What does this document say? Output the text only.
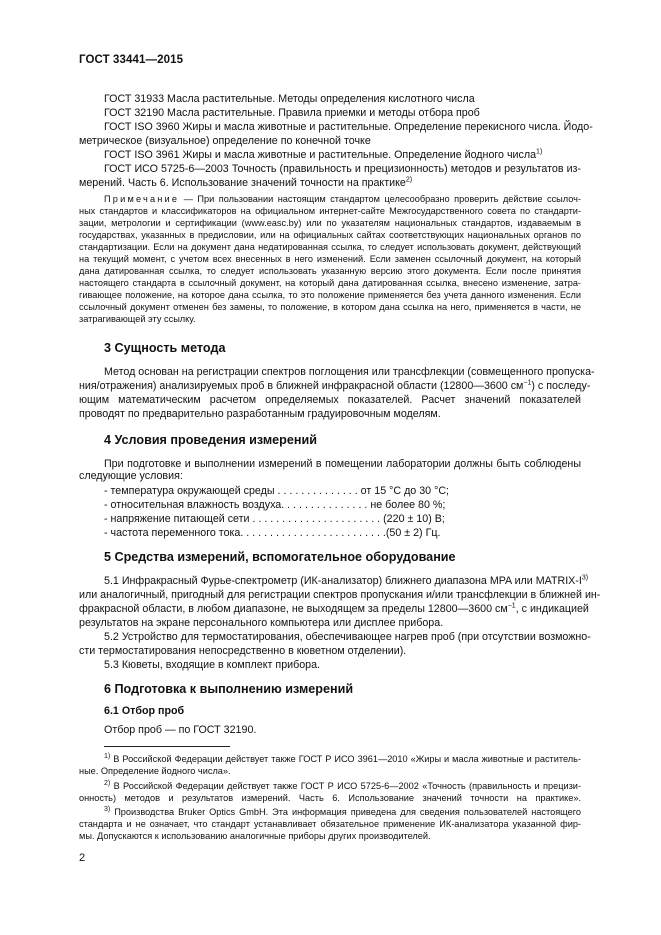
ГОСТ 33441—2015
ГОСТ 31933 Масла растительные. Методы определения кислотного числа
ГОСТ 32190 Масла растительные. Правила приемки и методы отбора проб
ГОСТ ISO 3960 Жиры и масла животные и растительные. Определение перекисного числа. Йодо-
метрическое (визуальное) определение по конечной точке
ГОСТ ISO 3961 Жиры и масла животные и растительные. Определение йодного числа$^{1)}$
ГОСТ ИСО 5725-6—2003 Точность (правильность и прецизионность) методов и результатов из-
мерений. Часть 6. Использование значений точности на практике$^{2)}$
Примечание — При пользовании настоящим стандартом целесообразно проверить действие ссылоч-
ных стандартов и классификаторов на официальном интернет-сайте Межгосударственного совета по стандарти-
зации, метрологии и сертификации (www.easc.by) или по указателям национальных стандартов, издаваемым в
государствах, указанных в предисловии, или на официальных сайтах соответствующих национальных органов по
стандартизации. Если на документ дана недатированная ссылка, то следует использовать документ, действующий
на текущий момент, с учетом всех внесенных в него изменений. Если заменен ссылочный документ, на который
дана датированная ссылка, то следует использовать указанную версию этого документа. Если после принятия
настоящего стандарта в ссылочный документ, на который дана датированная ссылка, внесено изменение, затра-
гивающее положение, на которое дана ссылка, то это положение применяется без учета данного изменения. Если
ссылочный документ отменен без замены, то положение, в котором дана ссылка на него, применяется в части, не
затрагивающей эту ссылку.
3 Сущность метода
Метод основан на регистрации спектров поглощения или трансфлекции (совмещенного пропуска-
ния/отражения) анализируемых проб в ближней инфракрасной области (12800—3600 $см^{-1}$) с последу-
ющим математическим расчетом определяемых показателей. Расчет значений показателей
проводят по предварительно разработанным градуировочным моделям.
4 Условия проведения измерений
При подготовке и выполнении измерений в помещении лаборатории должны быть соблюдены
следующие условия:
- температура окружающей среды . . . . . . . . . . . . . . от 15 °С до 30 °С;
- относительная влажность воздуха. . . . . . . . . . . . . . . не более 80 %;
- напряжение питающей сети . . . . . . . . . . . . . . . . . . . . . . (220 ± 10) В;
- частота переменного тока. . . . . . . . . . . . . . . . . . . . . . . . .(50 ± 2) Гц.
5 Средства измерений, вспомогательное оборудование
5.1 Инфракрасный Фурье-спектрометр (ИК-анализатор) ближнего диапазона MPA или MATRIX-$I^{3)}$
или аналогичный, пригодный для регистрации спектров пропускания и/или трансфлекции в ближней ин-
фракрасной области, в любом диапазоне, не выходящем за пределы 12800—3600 $см^{-1}$, с индикацией
результатов на экране персонального компьютера или дисплее прибора.
5.2 Устройство для термостатирования, обеспечивающее нагрев проб (при отсутствии возможно-
сти термостатирования непосредственно в кюветном отделении).
5.3 Кюветы, входящие в комплект прибора.
6 Подготовка к выполнению измерений
6.1 Отбор проб
Отбор проб — по ГОСТ 32190.
$^{1)}$ В Российской Федерации действует также ГОСТ Р ИСО 3961—2010 «Жиры и масла животные и раститель-
ные. Определение йодного числа».
$^{2)}$ В Российской Федерации действует также ГОСТ Р ИСО 5725-6—2002 «Точность (правильность и прецизи-
онность) методов и результатов измерений. Часть 6. Использование значений точности на практике».
$^{3)}$ Производства Bruker Optics GmbH. Эта информация приведена для сведения пользователей настоящего
стандарта и не означает, что стандарт устанавливает обязательное применение ИК-анализатора указанной фир-
мы. Допускаются к использованию аналогичные приборы других производителей.
2
